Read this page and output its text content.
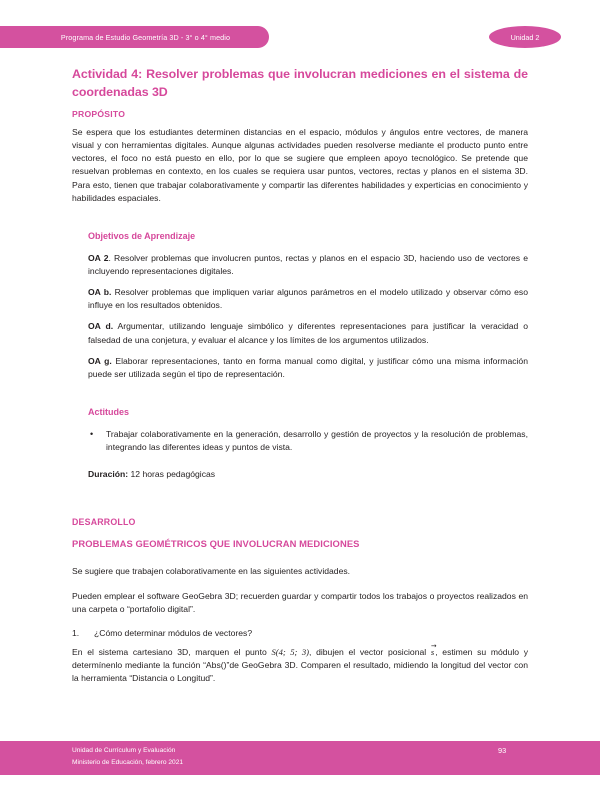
Programa de Estudio Geometría 3D - 3° o 4° medio	Unidad 2
Actividad 4: Resolver problemas que involucran mediciones en el sistema de coordenadas 3D
PROPÓSITO

Se espera que los estudiantes determinen distancias en el espacio, módulos y ángulos entre vectores, de manera visual y con herramientas digitales. Aunque algunas actividades pueden resolverse mediante el producto punto entre vectores, el foco no está puesto en ello, por lo que se sugiere que empleen apoyo tecnológico. Se pretende que resuelvan problemas en contexto, en los cuales se requiera usar puntos, vectores, rectas y planos en el sistema 3D. Para esto, tienen que trabajar colaborativamente y compartir las diferentes habilidades y experticias en conocimiento y habilidades espaciales.

Objetivos de Aprendizaje

OA 2. Resolver problemas que involucren puntos, rectas y planos en el espacio 3D, haciendo uso de vectores e incluyendo representaciones digitales.

OA b. Resolver problemas que impliquen variar algunos parámetros en el modelo utilizado y observar cómo eso influye en los resultados obtenidos.

OA d. Argumentar, utilizando lenguaje simbólico y diferentes representaciones para justificar la veracidad o falsedad de una conjetura, y evaluar el alcance y los límites de los argumentos utilizados.

OA g. Elaborar representaciones, tanto en forma manual como digital, y justificar cómo una misma información puede ser utilizada según el tipo de representación.

Actitudes
•	Trabajar colaborativamente en la generación, desarrollo y gestión de proyectos y la resolución de problemas, integrando las diferentes ideas y puntos de vista.

Duración: 12 horas pedagógicas

DESARROLLO
PROBLEMAS GEOMÉTRICOS QUE INVOLUCRAN MEDICIONES

Se sugiere que trabajen colaborativamente en las siguientes actividades.

Pueden emplear el software GeoGebra 3D; recuerden guardar y compartir todos los trabajos o proyectos realizados en una carpeta o “portafolio digital”.

1.	¿Cómo determinar módulos de vectores?

En el sistema cartesiano 3D, marquen el punto S(4; 5; 3), dibujen el vector posicional s →, estimen su módulo y determínenlo mediante la función “Abs()”de GeoGebra 3D. Comparen el resultado, midiendo la longitud del vector con la herramienta “Distancia o Longitud”.

Unidad de Currículum y Evaluación
Ministerio de Educación, febrero 2021
93
